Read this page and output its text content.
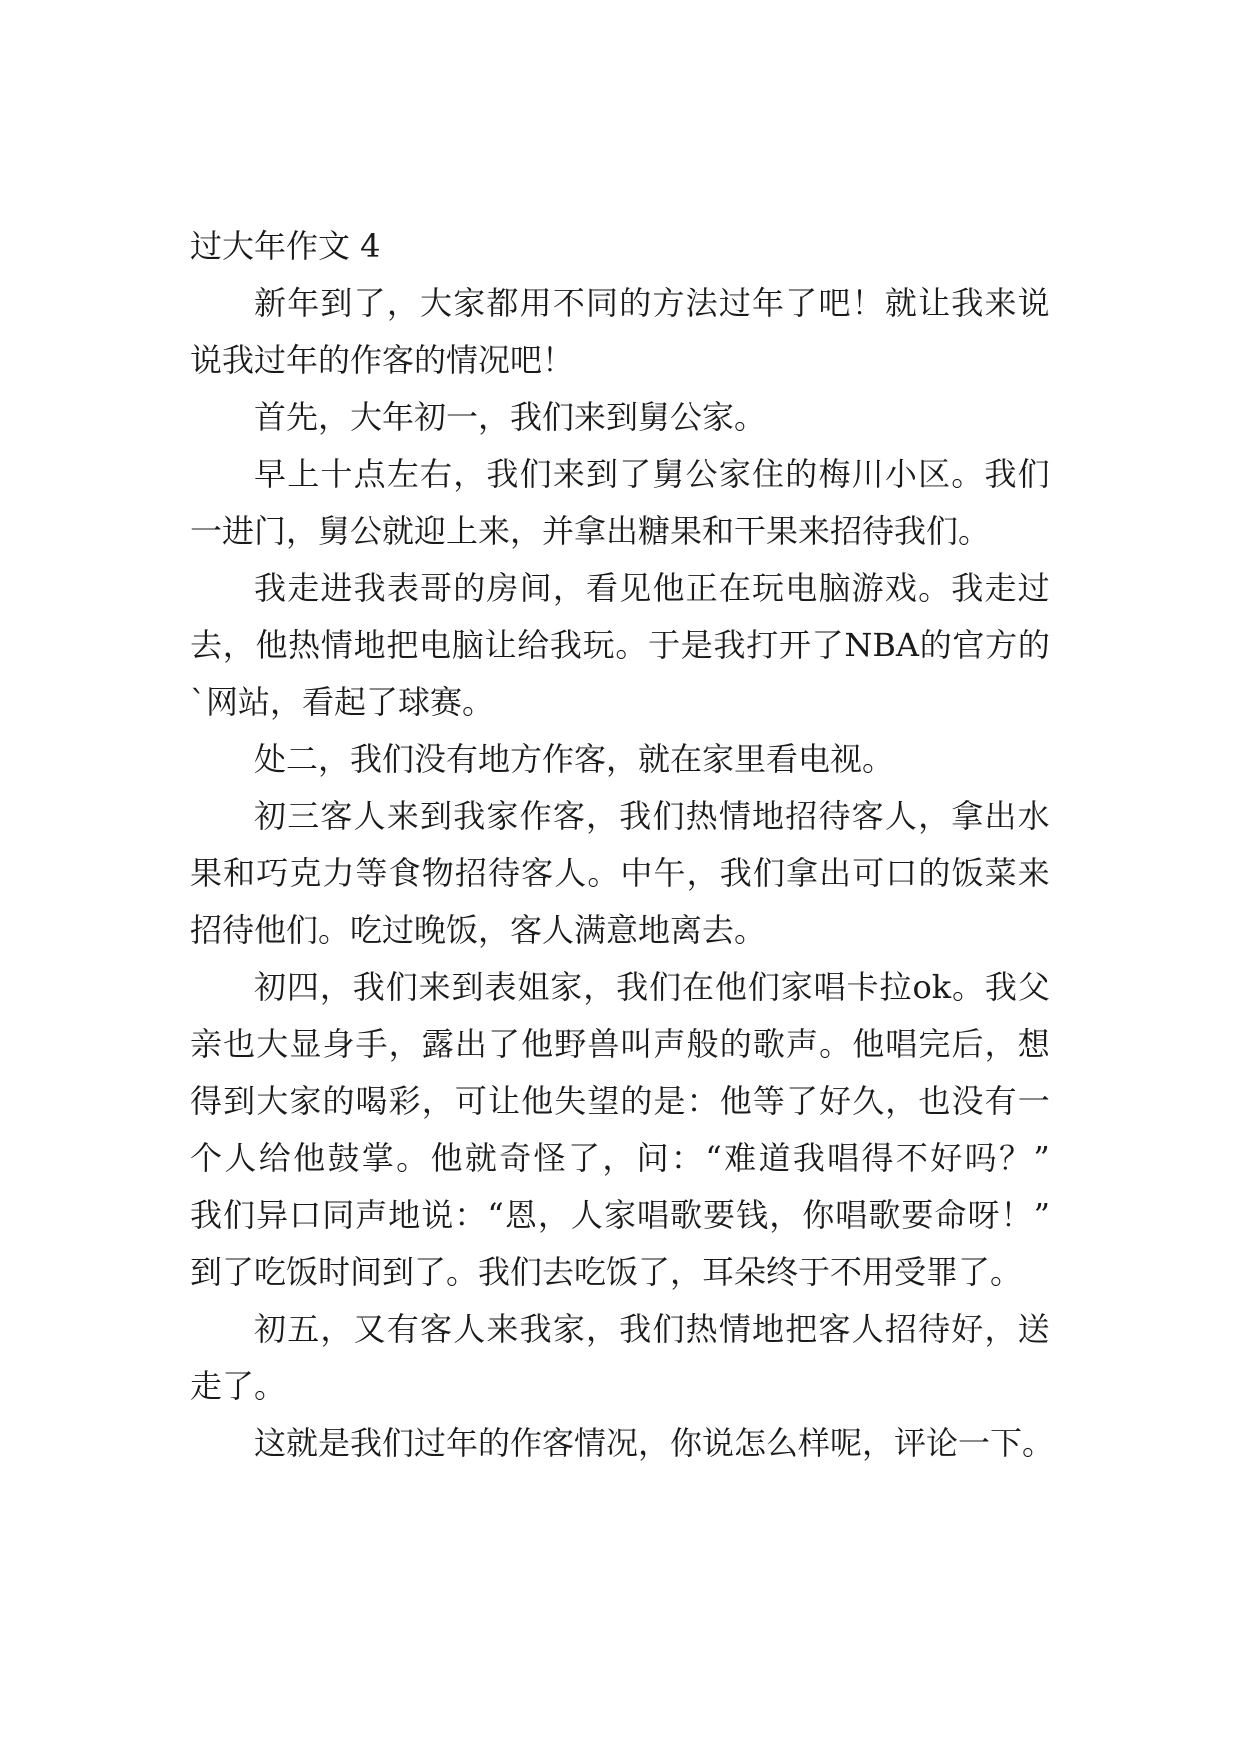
过大年作文 4
新 年 到 了 ， 大 家 都 用 不 同 的 方 法 过 年 了 吧 ！ 就 让 我 来 说
说我过年的作客的情况吧！
首先，大年初一，我们来到舅公家。
早 上 十 点 左 右 ， 我 们 来 到 了 舅 公 家 住 的 梅 川 小 区 。 我 们
一进门，舅公就迎上来，并拿出糖果和干果来招待我们。
我 走 进 我 表 哥 的 房 间 ， 看 见 他 正 在 玩 电 脑 游 戏 。 我 走 过
去 ， 他 热 情 地 把 电 脑 让 给 我 玩 。 于 是 我 打 开 了 NBA 的 官 方 的
`网站，看起了球赛。
处二，我们没有地方作客，就在家里看电视。
初 三 客 人 来 到 我 家 作 客 ， 我 们 热 情 地 招 待 客 人 ， 拿 出 水
果 和 巧 克 力 等 食 物 招 待 客 人 。 中 午 ， 我 们 拿 出 可 口 的 饭 菜 来
招待他们。吃过晚饭，客人满意地离去。
初 四 ， 我 们 来 到 表 姐 家 ， 我 们 在 他 们 家 唱 卡 拉 ok 。 我 父
亲 也 大 显 身 手 ， 露 出 了 他 野 兽 叫 声 般 的 歌 声 。 他 唱 完 后 ， 想
得 到 大 家 的 喝 彩 ， 可 让 他 失 望 的 是 ： 他 等 了 好 久 ， 也 没 有 一
个 人 给 他 鼓 掌 。 他 就 奇 怪 了 ， 问 ： “ 难 道 我 唱 得 不 好 吗 ？ ”
我 们 异 口 同 声 地 说 ： “ 恩 ， 人 家 唱 歌 要 钱 ， 你 唱 歌 要 命 呀 ！ ”
到了吃饭时间到了。我们去吃饭了，耳朵终于不用受罪了。
初 五 ， 又 有 客 人 来 我 家 ， 我 们 热 情 地 把 客 人 招 待 好 ， 送
走了。
这就是我们过年的作客情况，你说怎么样呢，评论一下。
